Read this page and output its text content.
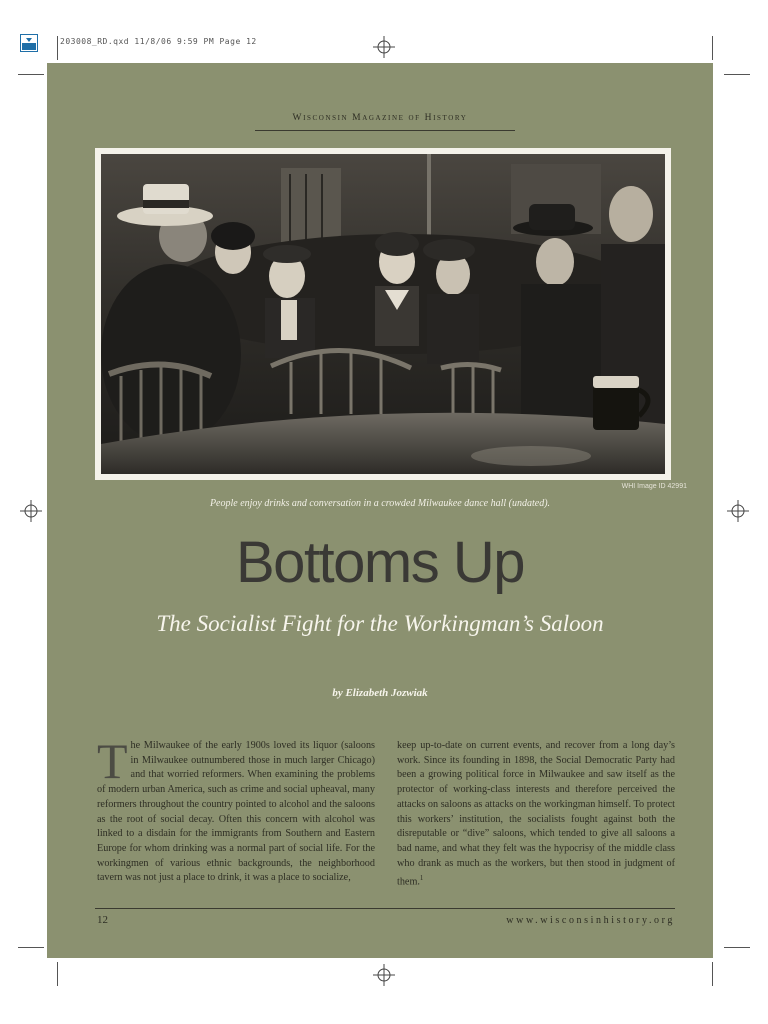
203008_RD.qxd 11/8/06 9:59 PM Page 12
Wisconsin Magazine of History
WHI Image ID 42991
People enjoy drinks and conversation in a crowded Milwaukee dance hall (undated).
Bottoms Up
The Socialist Fight for the Workingman’s Saloon
by Elizabeth Jozwiak
The Milwaukee of the early 1900s loved its liquor (saloons in Milwaukee outnumbered those in much larger Chicago) and that worried reformers. When examining the problems of modern urban America, such as crime and social upheaval, many reformers throughout the country pointed to alcohol and the saloons as the root of social decay. Often this concern with alcohol was linked to a disdain for the immigrants from Southern and Eastern Europe for whom drinking was a normal part of social life. For the workingmen of various ethnic backgrounds, the neighborhood tavern was not just a place to drink, it was a place to socialize,
keep up-to-date on current events, and recover from a long day’s work. Since its founding in 1898, the Social Democratic Party had been a growing political force in Milwaukee and saw itself as the protector of working-class interests and therefore perceived the attacks on saloons as attacks on the workingman himself. To protect this workers’ institution, the socialists fought against both the disreputable or “dive” saloons, which tended to give all saloons a bad name, and what they felt was the hypocrisy of the middle class who drank as much as the workers, but then stood in judgment of them.$^1$
12	www.wisconsinhistory.org
